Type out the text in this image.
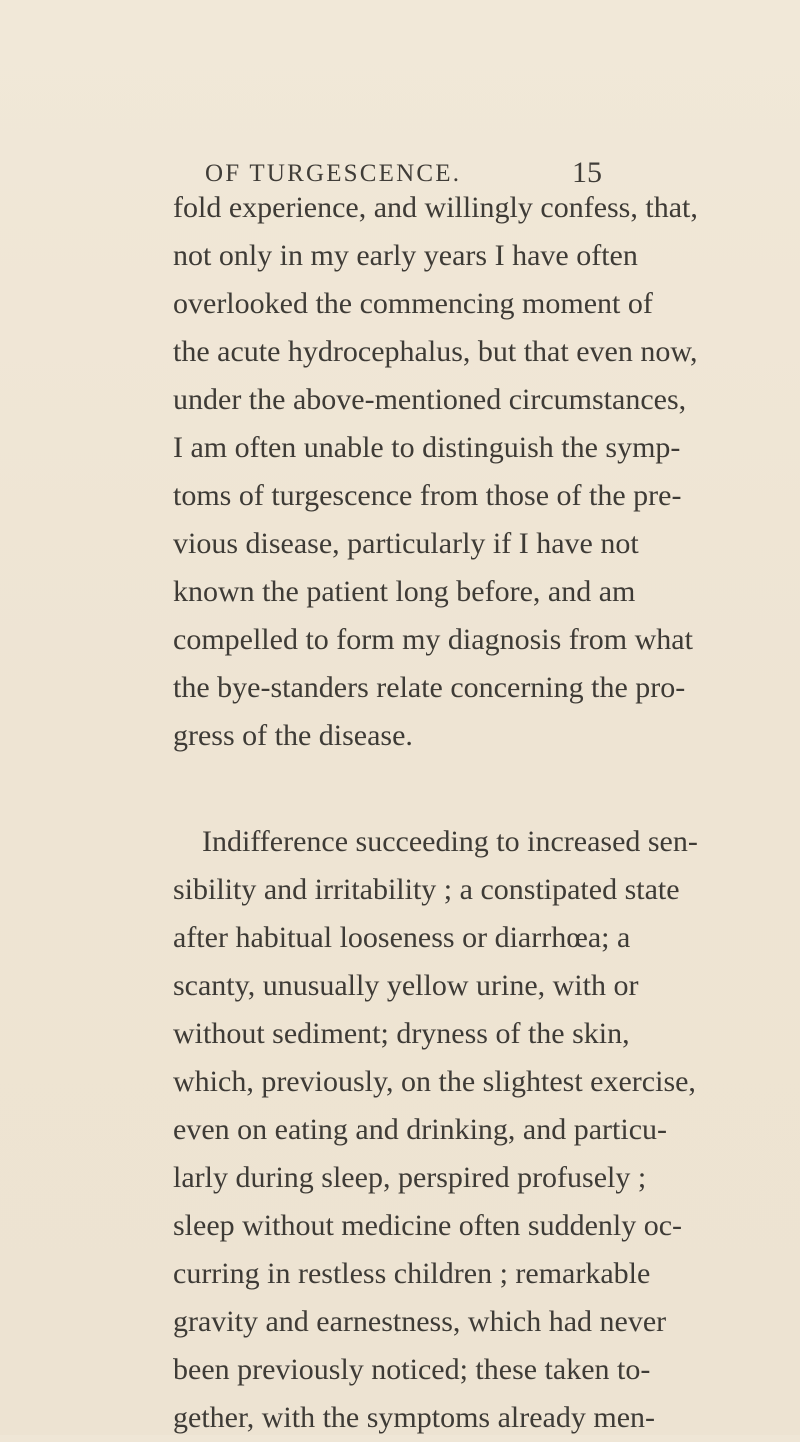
OF TURGESCENCE.	15
fold experience, and willingly confess, that,
not only in my early years I have often
overlooked the commencing moment of
the acute hydrocephalus, but that even now,
under the above-mentioned circumstances,
I am often unable to distinguish the symp-
toms of turgescence from those of the pre-
vious disease, particularly if I have not
known the patient long before, and am
compelled to form my diagnosis from what
the bye-standers relate concerning the pro-
gress of the disease.
Indifference succeeding to increased sen-
sibility and irritability ; a constipated state
after habitual looseness or diarrhœa; a
scanty, unusually yellow urine, with or
without sediment; dryness of the skin,
which, previously, on the slightest exercise,
even on eating and drinking, and particu-
larly during sleep, perspired profusely ;
sleep without medicine often suddenly oc-
curring in restless children ; remarkable
gravity and earnestness, which had never
been previously noticed; these taken to-
gether, with the symptoms already men-
